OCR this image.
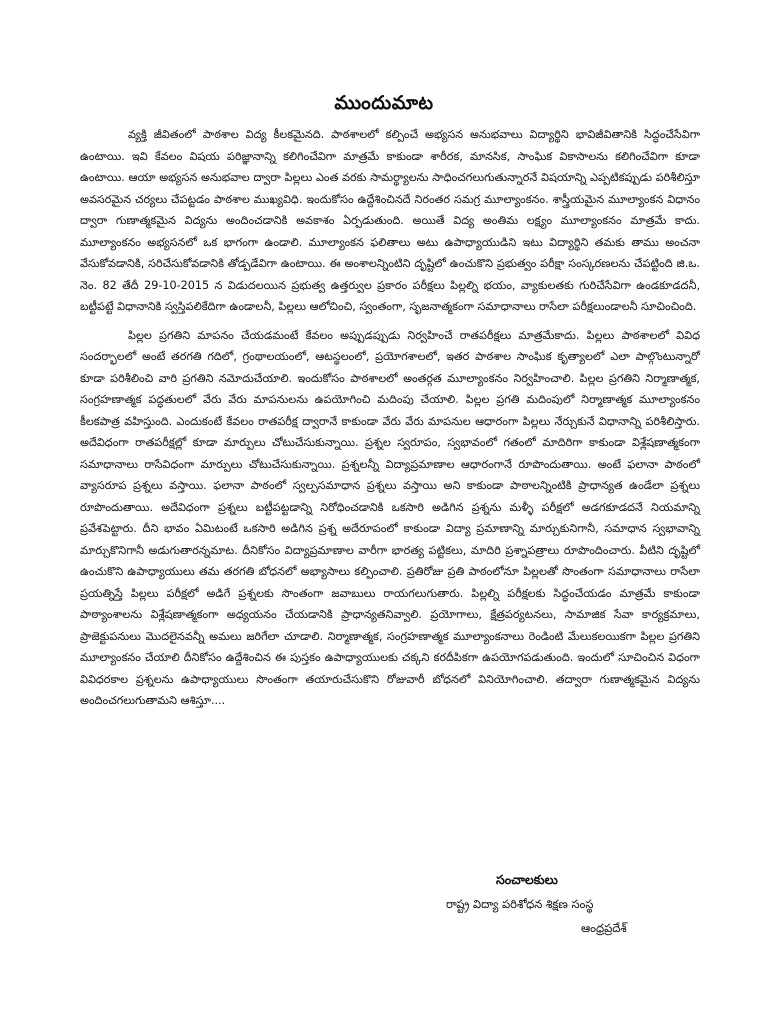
ముందుమాట

వ్యక్తి జీవితంలో పాఠశాల విద్య కీలకమైనది. పాఠశాలలో కల్పించే అభ్యసన అనుభవాలు విద్యార్థిని భావిజీవితానికి సిద్ధంచేసేవిగా ఉంటాయి. ఇవి కేవలం విషయ పరిజ్ఞానాన్ని కలిగించేవిగా మాత్రమే కాకుండా శారీరక, మానసిక, సాంఘిక వికాసాలను కలిగించేవిగా కూడా ఉంటాయి. ఆయా అభ్యసన అనుభవాల ద్వారా పిల్లలు ఎంత వరకు సామర్థ్యాలను సాధించగలుగుతున్నారనే విషయాన్ని ఎప్పటికప్పుడు పరిశీలిస్తూ అవసరమైన చర్యలు చేపట్టడం పాఠశాల ముఖ్యవిధి. ఇందుకోసం ఉద్దేశించినదే నిరంతర సమగ్ర మూల్యాంకనం. శాస్త్రీయమైన మూల్యాంకన విధానం ద్వారా గుణాత్మకమైన విద్యను అందించడానికి అవకాశం ఏర్పడుతుంది. అయితే విద్య అంతిమ లక్ష్యం మూల్యాంకనం మాత్రమే కాదు. మూల్యాంకనం అభ్యసనలో ఒక భాగంగా ఉండాలి. మూల్యాంకన ఫలితాలు అటు ఉపాధ్యాయుడిని ఇటు విద్యార్థిని తమకు తాము అంచనా వేసుకోవడానికి, సరిచేసుకోవడానికి తోడ్పడేవిగా ఉంటాయి. ఈ అంశాలన్నింటిని దృష్టిలో ఉంచుకొని ప్రభుత్వం పరీక్షా సంస్కరణలను చేపట్టింది జి.ఒ. నెం. 82 తేదీ 29-10-2015 న విడుదలయిన ప్రభుత్వ ఉత్తర్వుల ప్రకారం పరీక్షలు పిల్లల్ని భయం, వ్యాకులతకు గురిచేసేవిగా ఉండకూడదనీ, బట్టీపట్టే విధానానికి స్వస్తిపలికేదిగా ఉండాలనీ, పిల్లలు ఆలోచించి, స్వంతంగా, సృజనాత్మకంగా సమాధానాలు రాసేలా పరీక్షలుండాలనీ సూచించింది.

పిల్లల ప్రగతిని మాపనం చేయడమంటే కేవలం అప్పుడప్పుడు నిర్వహించే రాతపరీక్షలు మాత్రమేకాదు. పిల్లలు పాఠశాలలో వివిధ సందర్భాలలో అంటే తరగతి గదిలో, గ్రంథాలయంలో, ఆటస్థలంలో, ప్రయోగశాలలో, ఇతర పాఠశాల సాంఘిక కృత్యాలలో ఎలా పాల్గొంటున్నారో కూడా పరిశీలించి వారి ప్రగతిని నమోదుచేయాలి. ఇందుకోసం పాఠశాలలో అంతర్గత మూల్యాంకనం నిర్వహించాలి. పిల్లల ప్రగతిని నిర్మాణాత్మక, సంగ్రహణాత్మక పద్ధతులలో వేరు వేరు మాపనులను ఉపయోగించి మదింపు చేయాలి. పిల్లల ప్రగతి మదింపులో నిర్మాణాత్మక మూల్యాంకనం కీలకపాత్ర వహిస్తుంది. ఎందుకంటే కేవలం రాతపరీక్ష ద్వారానే కాకుండా వేరు వేరు మాపనుల ఆధారంగా పిల్లలు నేర్చుకునే విధానాన్ని పరిశీలిస్తారు. అదేవిధంగా రాతపరీక్షల్లో కూడా మార్పులు చోటుచేసుకున్నాయి. ప్రశ్నల స్వరూపం, స్వభావంలో గతంలో మాదిరిగా కాకుండా విశ్లేషణాత్మకంగా సమాధానాలు రాసేవిధంగా మార్పులు చోటుచేసుకున్నాయి. ప్రశ్నలన్నీ విద్యాప్రమాణాల ఆధారంగానే రూపొందుతాయి. అంటే ఫలానా పాఠంలో వ్యాసరూప ప్రశ్నలు వస్తాయి. ఫలానా పాఠంలో స్వల్పసమాధాన ప్రశ్నలు వస్తాయి అని కాకుండా పాఠాలన్నింటికి ప్రాధాన్యత ఉండేలా ప్రశ్నలు రూపొందుతాయి. అదేవిధంగా ప్రశ్నలు బట్టీపట్టడాన్ని నిరోధించడానికి ఒకసారి అడిగిన ప్రశ్నను మళ్ళీ పరీక్షలో అడగకూడదనే నియమాన్ని ప్రవేశపెట్టారు. దీని భావం ఏమిటంటే ఒకసారి అడిగిన ప్రశ్న అదేరూపంలో కాకుండా విద్యా ప్రమాణాన్ని మార్చుకునిగానీ, సమాధాన స్వభావాన్ని మార్చుకొనిగానీ అడుగుతారన్నమాట. దీనికోసం విద్యాప్రమాణాల వారీగా భారత్య పట్టికలు, మాదిరి ప్రశ్నాపత్రాలు రూపొందించారు. వీటిని దృష్టిలో ఉంచుకొని ఉపాధ్యాయులు తమ తరగతి బోధనలో అభ్యాసాలు కల్పించాలి. ప్రతిరోజు ప్రతి పాఠంలోనూ పిల్లలతో సొంతంగా సమాధానాలు రాసేలా ప్రయత్నిస్తే పిల్లలు పరీక్షలో అడిగే ప్రశ్నలకు సొంతంగా జవాబులు రాయగలుగుతారు. పిల్లల్ని పరీక్షలకు సిద్ధంచేయడం మాత్రమే కాకుండా పాఠ్యాంశాలను విశ్లేషణాత్మకంగా అధ్యయనం చేయడానికి ప్రాధాన్యతనివ్వాలి. ప్రయోగాలు, క్షేత్రపర్యటనలు, సామాజిక సేవా కార్యక్రమాలు, ప్రాజెక్టుపనులు మొదలైనవన్నీ అమలు జరిగేలా చూడాలి. నిర్మాణాత్మక, సంగ్రహణాత్మక మూల్యాంకనాలు రెండింటి మేలుకలయికగా పిల్లల ప్రగతిని మూల్యాంకనం చేయాలి దీనికోసం ఉద్దేశించిన ఈ పుస్తకం ఉపాధ్యాయులకు చక్కని కరదీపికగా ఉపయోగపడుతుంది. ఇందులో సూచించిన విధంగా వివిధరకాల ప్రశ్నలను ఉపాధ్యాయులు సొంతంగా తయారుచేసుకొని రోజువారీ బోధనలో వినియోగించాలి. తద్వారా గుణాత్మకమైన విద్యను అందించగలుగుతామని ఆశిస్తూ....

సంచాలకులు
రాష్ట్ర విద్యా పరిశోధన శిక్షణ సంస్థ
ఆంధ్రప్రదేశ్
